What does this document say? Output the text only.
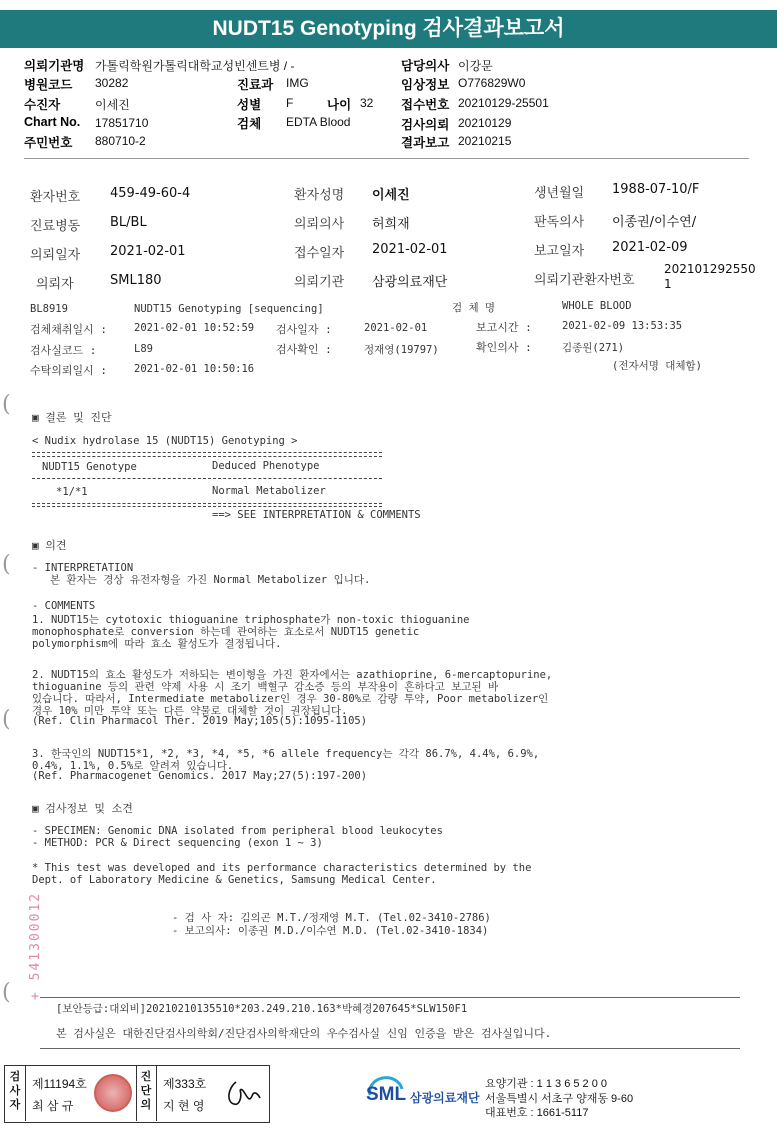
NUDT15 Genotyping 검사결과보고서
의뢰기관명 가톨릭학원가톨릭대학교성빈센트병 / -
병원코드 30282
수진자	이세진
Chart No. 17851710
주민번호 880710-2
진료과 IMG
성별 F	나이 32
검체 EDTA Blood
담당의사 이강문
임상정보 O776829W0
접수번호 20210129-25501
검사의뢰 20210129
결과보고 20210215
환자번호 459-49-60-4	환자성명 이세진	생년월일 1988-07-10/F
진료병동 BL/BL	의뢰의사 허희재	판독의사 이종권/이수연/
의뢰일자 2021-02-01	접수일자 2021-02-01	보고일자 2021-02-09
의뢰자	SML180	의뢰기관 삼광의료재단	의뢰기관환자번호
202101292550
1
BL8919	NUDT15 Genotyping [sequencing]	검 체 명	WHOLE BLOOD
검체채취일시 :	2021-02-01 10:52:59 검사일자 :	2021-02-01	보고시간 :	2021-02-09 13:53:35
검사실코드 :	L89	검사확인 :	정재영(19797)	확인의사 :	김종원(271)
수탁의뢰일시 :	2021-02-01 10:50:16	(전자서명 대체함)
(
(
(
(
▣ 결론 및 진단
< Nudix hydrolase 15 (NUDT15) Genotyping >
NUDT15 Genotype	Deduced Phenotype
*1/*1	Normal Metabolizer
==> SEE INTERPRETATION & COMMENTS
▣ 의견
- INTERPRETATION
본 환자는 경상 유전자형을 가진 Normal Metabolizer 입니다.
- COMMENTS
1. NUDT15는 cytotoxic thioguanine triphosphate가 non-toxic thioguanine
monophosphate로 conversion 하는데 관여하는 효소로서 NUDT15 genetic
polymorphism에 따라 효소 활성도가 결정됩니다.
2. NUDT15의 효소 활성도가 저하되는 변이형을 가진 환자에서는 azathioprine, 6-mercaptopurine,
thioguanine 등의 관련 약제 사용 시 조기 백혈구 감소증 등의 부작용이 흔하다고 보고된 바
있습니다. 따라서, Intermediate metabolizer인 경우 30-80%로 감량 투약, Poor metabolizer인
경우 10% 미만 투약 또는 다른 약물로 대체할 것이 권장됩니다.
(Ref. Clin Pharmacol Ther. 2019 May;105(5):1095-1105)
3. 한국인의 NUDT15*1, *2, *3, *4, *5, *6 allele frequency는 각각 86.7%, 4.4%, 6.9%,
0.4%, 1.1%, 0.5%로 알려져 있습니다.
(Ref. Pharmacogenet Genomics. 2017 May;27(5):197-200)
▣ 검사정보 및 소견
- SPECIMEN: Genomic DNA isolated from peripheral blood leukocytes
- METHOD: PCR & Direct sequencing (exon 1 ~ 3)
* This test was developed and its performance characteristics determined by the
Dept. of Laboratory Medicine & Genetics, Samsung Medical Center.
- 검 사 자: 김의곤 M.T./정재영 M.T. (Tel.02-3410-2786)
- 보고의사: 이종권 M.D./이수연 M.D. (Tel.02-3410-1834)
+ 541300012
[보안등급:대외비]20210210135510*203.249.210.163*박혜경207645*SLW150F1
본 검사실은 대한진단검사의학회/진단검사의학재단의 우수검사실 신임 인증을 받은 검사실입니다.
검사자
제11194호
최 삼 규
진단의
제333호
지 현 영
SML 삼광의료재단
요양기관 : 1 1 3 6 5 2 0 0
서울특별시 서초구 양재동 9-60
대표번호 : 1661-5117
